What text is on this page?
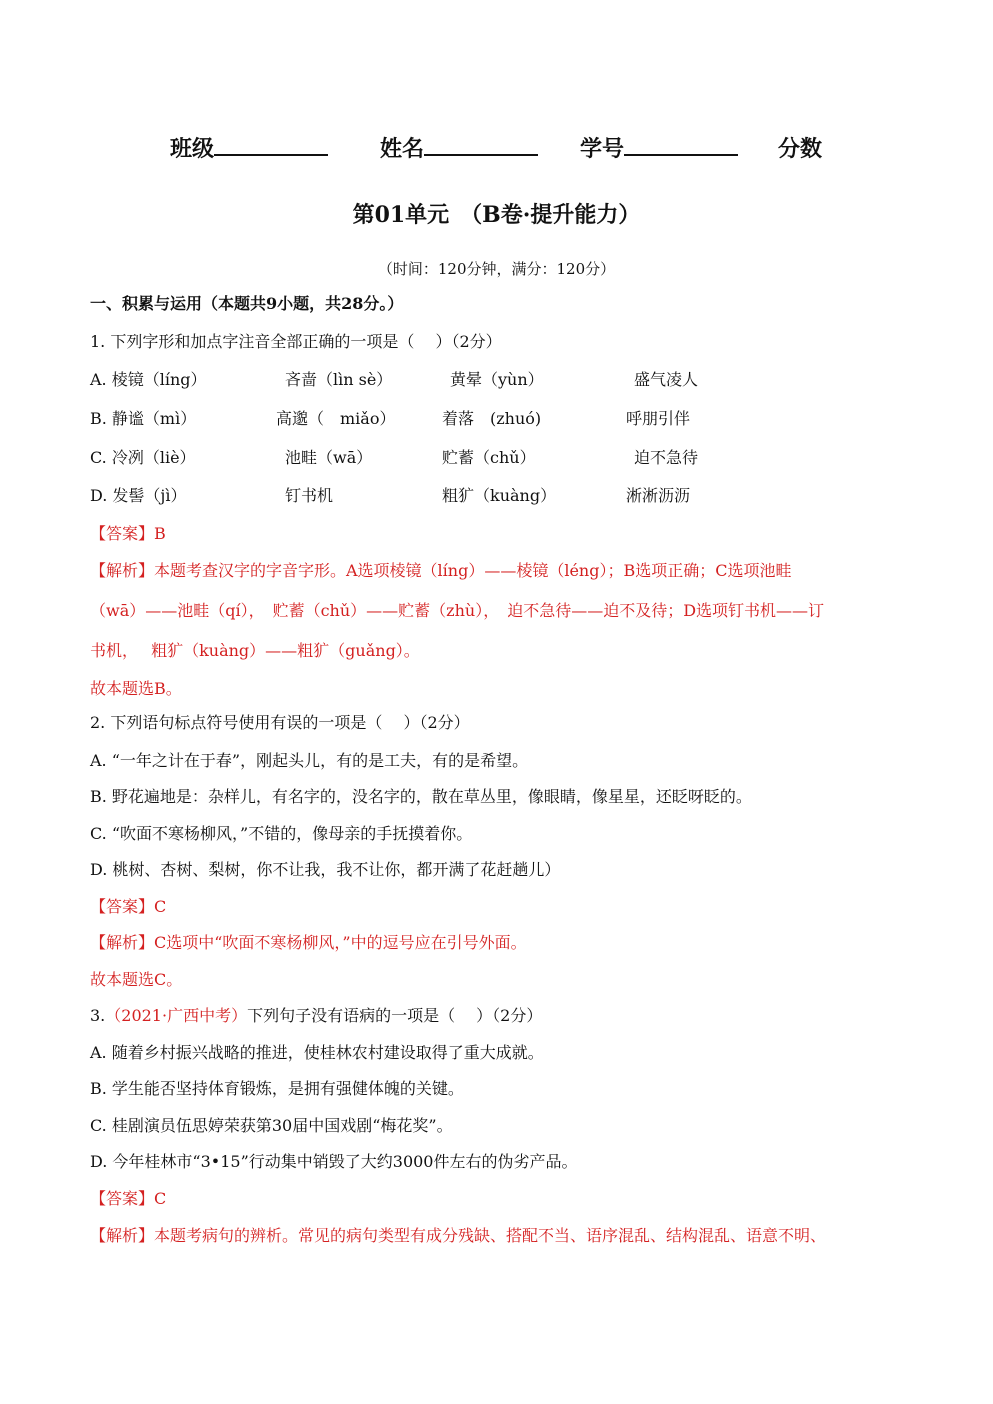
班级	姓名	学号	分数
第01单元　（B卷·提升能力）
（时间：120分钟，满分：120分）
一、积累与运用（本题共9小题，共28分。）
1. 下列字形和加点字注音全部正确的一项是（　 ）（2分）
A. 棱镜（líng）	吝啬（lìn sè）	黄晕（yùn）	盛气凌人
B. 静谧（mì）	高邈（　miǎo）	着落　(zhuó)	呼朋引伴
C. 冷冽（liè）	池畦（wā）	贮蓄（chǔ）	迫不急待
D. 发髻（jì）	钉书机	粗犷（kuàng）	淅淅沥沥
【答案】B
【解析】本题考查汉字的字音字形。A选项棱镜（líng）——棱镜（léng）；B选项正确；C选项池畦
（wā）——池畦（qí），　贮蓄（chǔ）——贮蓄（zhù），　迫不急待——迫不及待；D选项钉书机——订
书机，　 粗犷（kuàng）——粗犷（guǎng）。
故本题选B。
2. 下列语句标点符号使用有误的一项是（　 ）（2分）
A. “一年之计在于春”，刚起头儿，有的是工夫，有的是希望。
B. 野花遍地是：杂样儿，有名字的，没名字的，散在草丛里，像眼睛，像星星，还眨呀眨的。
C. “吹面不寒杨柳风，”不错的，像母亲的手抚摸着你。
D. 桃树、杏树、梨树，你不让我，我不让你，都开满了花赶趟儿）
【答案】C
【解析】C选项中“吹面不寒杨柳风，”中的逗号应在引号外面。
故本题选C。
3.（2021·广西中考）下列句子没有语病的一项是（　 ）（2分）
A. 随着乡村振兴战略的推进，使桂林农村建设取得了重大成就。
B. 学生能否坚持体育锻炼，是拥有强健体魄的关键。
C. 桂剧演员伍思婷荣获第30届中国戏剧“梅花奖”。
D. 今年桂林市“3•15”行动集中销毁了大约3000件左右的伪劣产品。
【答案】C
【解析】本题考病句的辨析。常见的病句类型有成分残缺、搭配不当、语序混乱、结构混乱、语意不明、
